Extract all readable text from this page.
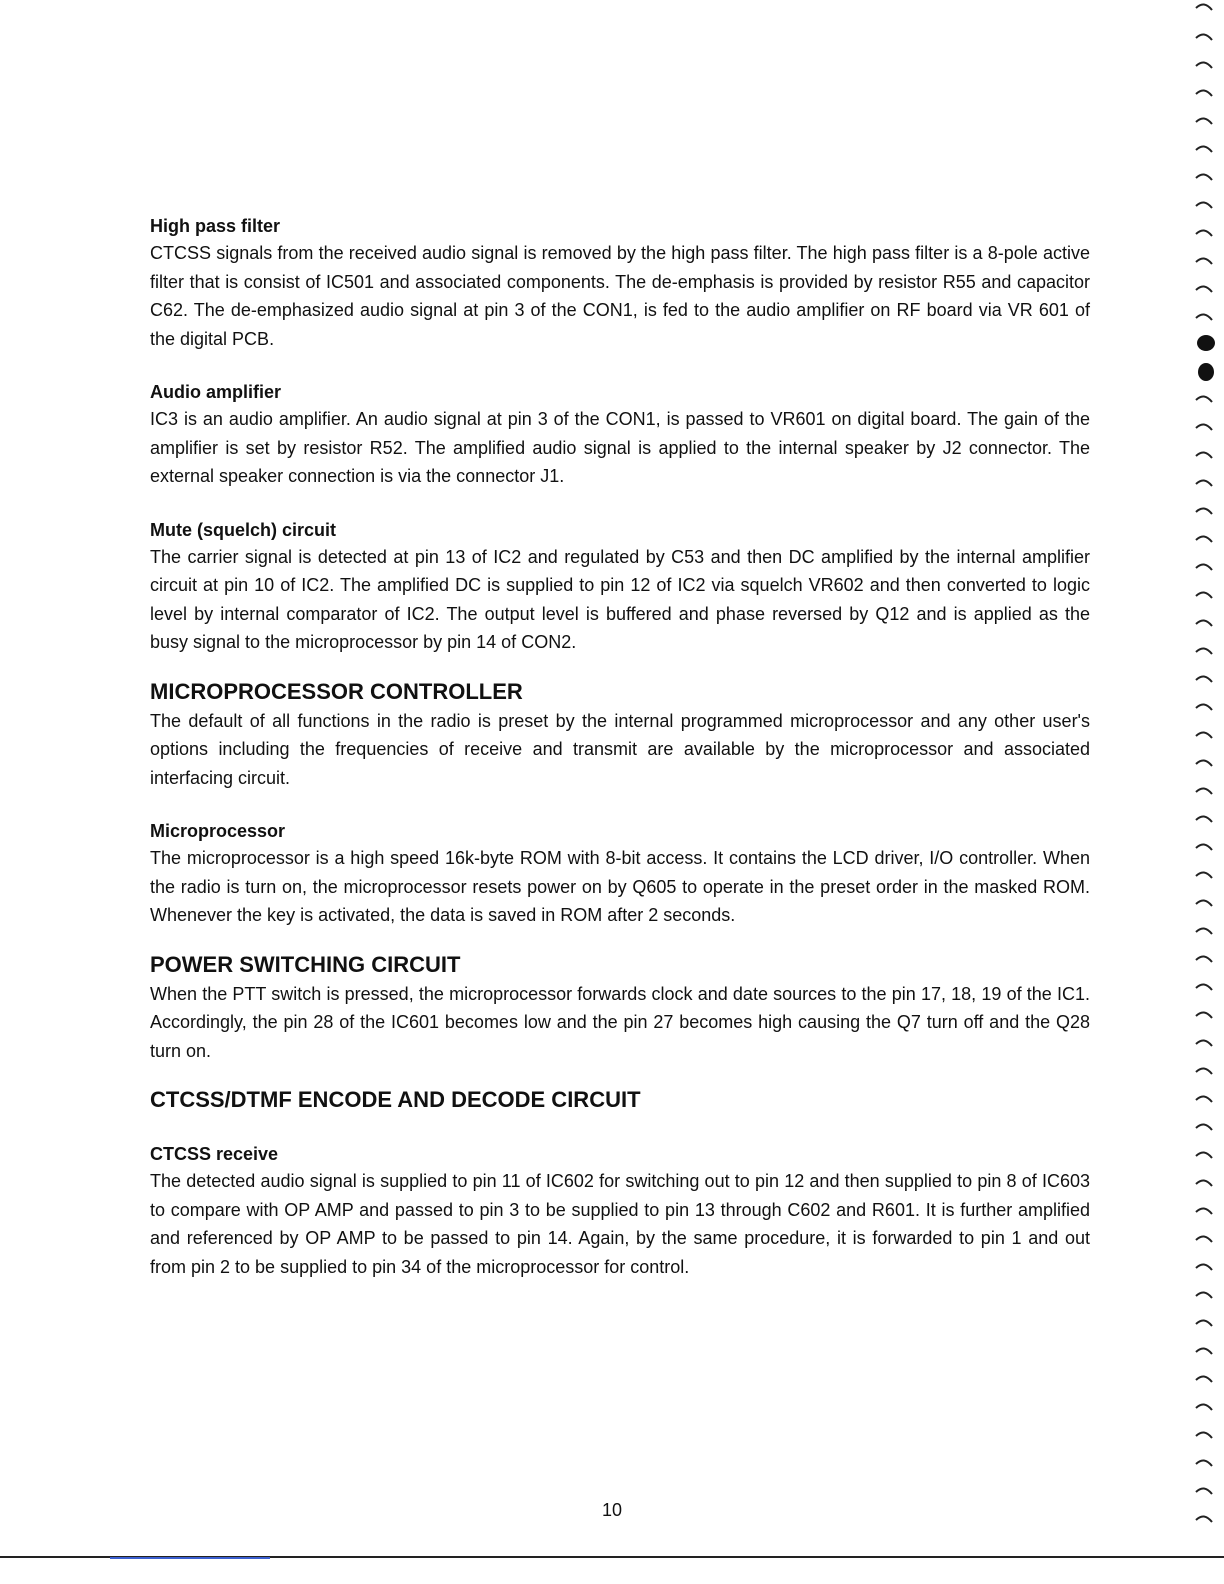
High pass filter

CTCSS signals from the received audio signal is removed by the high pass filter. The high pass filter is a 8-pole active filter that is consist of IC501 and associated components. The de-emphasis is provided by resistor R55 and capacitor C62. The de-emphasized audio signal at pin 3 of the CON1, is fed to the audio amplifier on RF board via VR 601 of the digital PCB.

Audio amplifier

IC3 is an audio amplifier. An audio signal at pin 3 of the CON1, is passed to VR601 on digital board. The gain of the amplifier is set by resistor R52. The amplified audio signal is applied to the internal speaker by J2 connector. The external speaker connection is via the connector J1.

Mute (squelch) circuit

The carrier signal is detected at pin 13 of IC2 and regulated by C53 and then DC amplified by the internal amplifier circuit at pin 10 of IC2. The amplified DC is supplied to pin 12 of IC2 via squelch VR602 and then converted to logic level by internal comparator of IC2. The output level is buffered and phase reversed by Q12 and is applied as the busy signal to the microprocessor by pin 14 of CON2.

MICROPROCESSOR CONTROLLER

The default of all functions in the radio is preset by the internal programmed microprocessor and any other user's options including the frequencies of receive and transmit are available by the microprocessor and associated interfacing circuit.

Microprocessor

The microprocessor is a high speed 16k-byte ROM with 8-bit access. It contains the LCD driver, I/O controller. When the radio is turn on, the microprocessor resets power on by Q605 to operate in the preset order in the masked ROM. Whenever the key is activated, the data is saved in ROM after 2 seconds.

POWER SWITCHING CIRCUIT

When the PTT switch is pressed, the microprocessor forwards clock and date sources to the pin 17, 18, 19 of the IC1. Accordingly, the pin 28 of the IC601 becomes low and the pin 27 becomes high causing the Q7 turn off and the Q28 turn on.

CTCSS/DTMF ENCODE AND DECODE CIRCUIT

CTCSS receive

The detected audio signal is supplied to pin 11 of IC602 for switching out to pin 12 and then supplied to pin 8 of IC603 to compare with OP AMP and passed to pin 3 to be supplied to pin 13 through C602 and R601. It is further amplified and referenced by OP AMP to be passed to pin 14. Again, by the same procedure, it is forwarded to pin 1 and out from pin 2 to be supplied to pin 34 of the microprocessor for control.

10
